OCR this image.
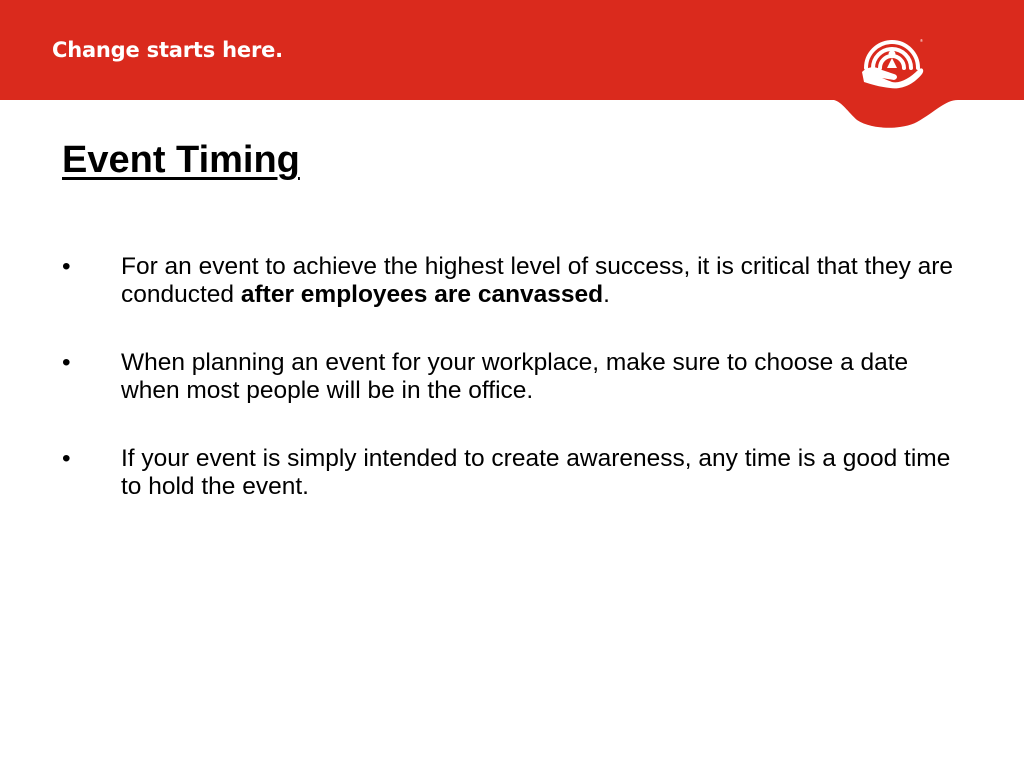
Change starts here.	®
Event Timing
•	For an event to achieve the highest level of success, it is critical that they are conducted after employees are canvassed.
•	When planning an event for your workplace, make sure to choose a date when most people will be in the office.
•	If your event is simply intended to create awareness, any time is a good time to hold the event.
